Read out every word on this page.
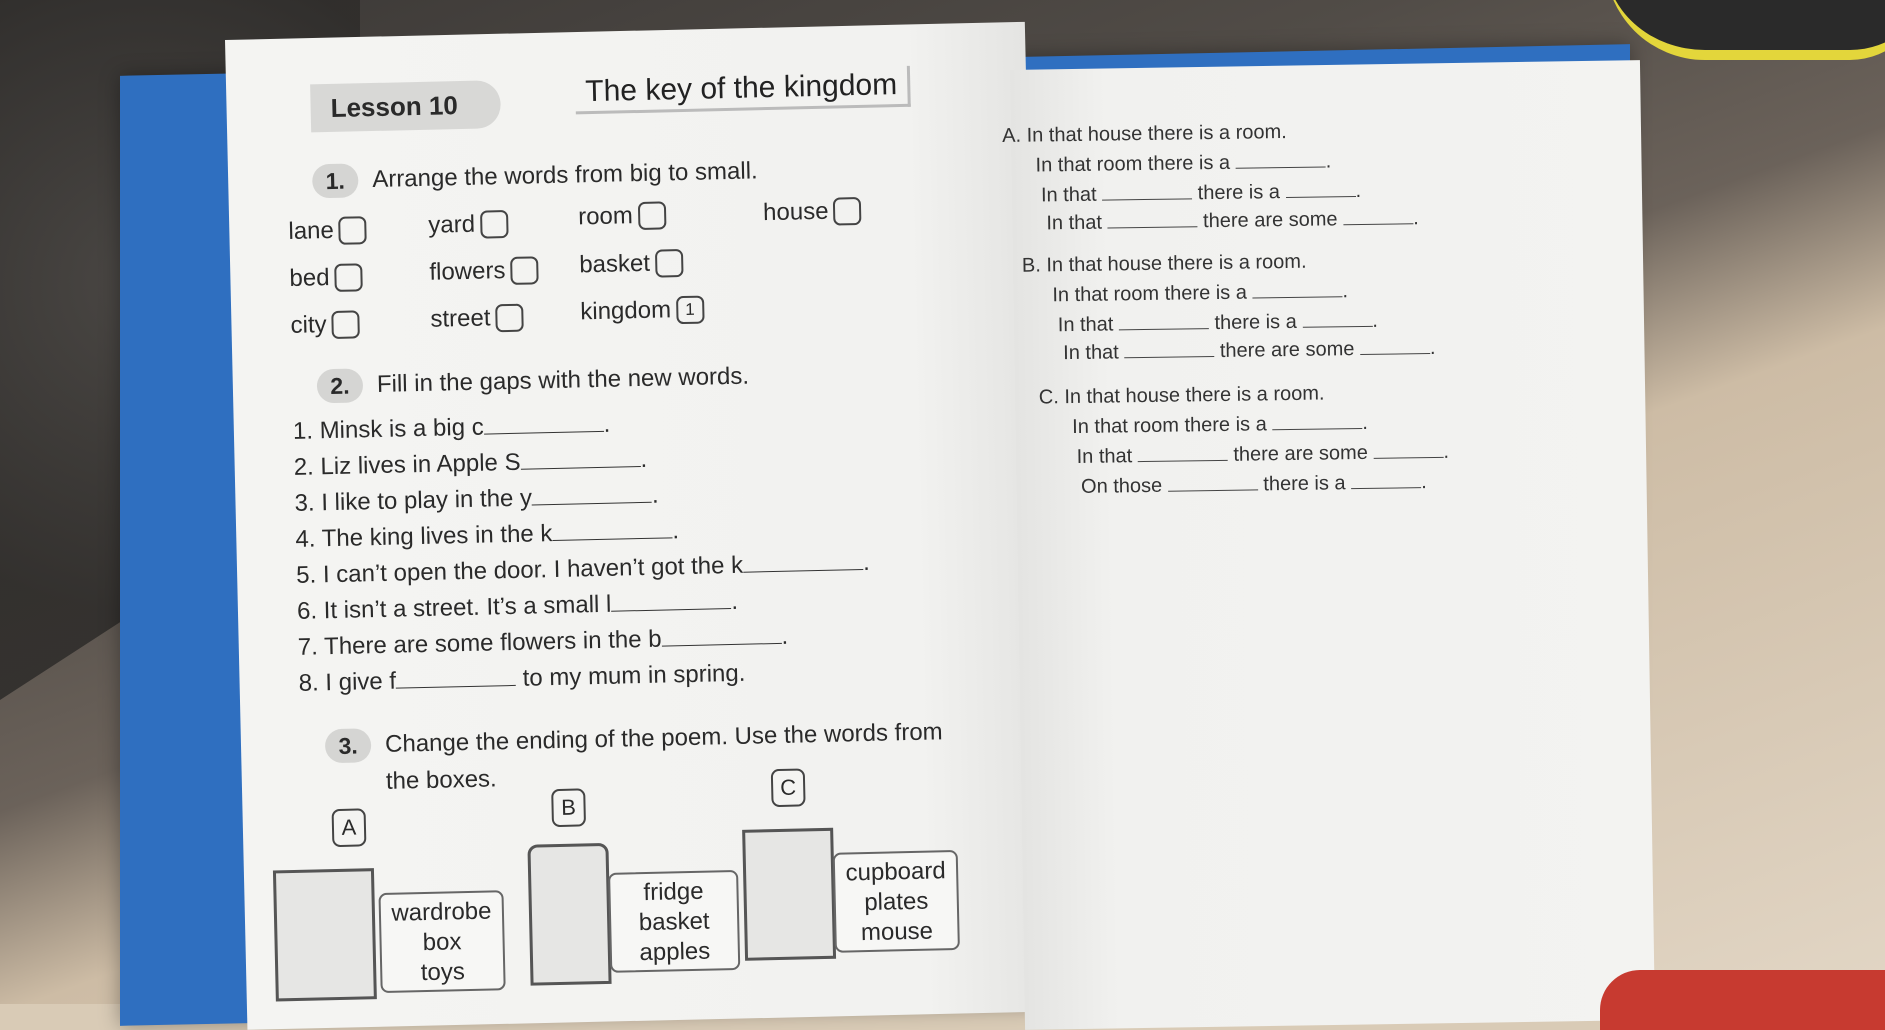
Lesson 10	The key of the kingdom
1.	Arrange the words from big to small.
lane	yard	room	house
bed	flowers	basket
city	street	kingdom 1
2.	Fill in the gaps with the new words.
1. Minsk is a big c	.
2. Liz lives in Apple S	.
3. I like to play in the y	.
4. The king lives in the k	.
5. I can’t open the door. I haven’t got the k	.
6. It isn’t a street. It’s a small l	.
7. There are some flowers in the b	.
8. I give f	to my mum in spring.
3.	Change the ending of the poem. Use the words from
the boxes.
A
B
C
wardrobe
box
toys
fridge
basket
apples
cupboard
plates
mouse
A. In that house there is a room.
In that room there is a	.
In that	there is a	.
In that	there are some	.
B. In that house there is a room.
In that room there is a	.
In that	there is a	.
In that	there are some	.
C. In that house there is a room.
In that room there is a	.
In that	there are some	.
On those	there is a	.
